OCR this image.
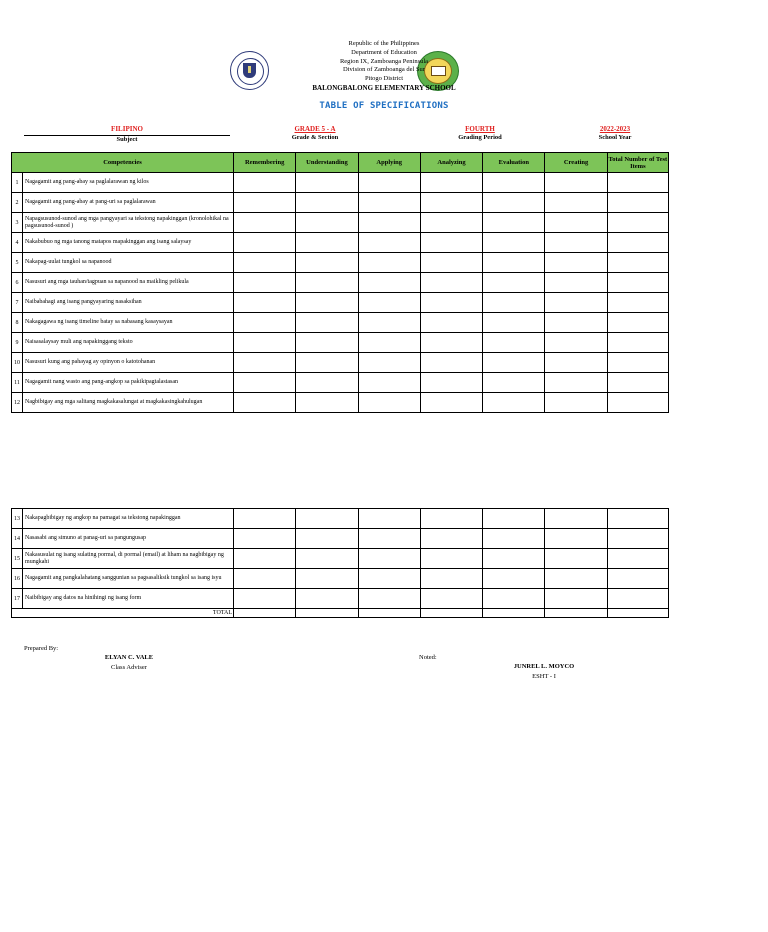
Republic of the Philippines
Department of Education
Region IX, Zamboanga Peninsula
Division of Zamboanga del Sur
Pitogo District
BALONGBALONG ELEMENTARY SCHOOL
TABLE OF SPECIFICATIONS
FILIPINO
Subject
GRADE 5 - A
Grade & Section
FOURTH
Grading Period
2022-2023
School Year
Competencies		Remembering	Understanding	Applying	Analyzing	Evaluation	Creating	Total Number of Test Items
1	Nagagamit ang pang-abay sa paglalarawan ng kilos							
2	Nagagamit ang pang-abay at pang-uri sa paglalarawan							
3	Napagsusunod-sunod ang mga pangyayari sa tekstong napakinggan (kronolohikal na pagsusunod-sunod )							
4	Nakabubuo ng mga tanong matapos mapakinggan ang isang salaysay							
5	Nakapag-uulat tungkol sa napanood							
6	Nasusuri ang mga tauhan/tagpuan sa napanood na maikling pelikula							
7	Naibabahagi ang isang pangyayaring nasaksihan							
8	Nakagagawa ng isang timeline batay sa nabasang kasaysayan							
9	Naisasalaysay muli ang napakinggang teksto							
10	Nasusuri kung ang pahayag ay opinyon o katotohanan							
11	Nagagamit nang wasto ang pang-angkop sa pakikipagtalastasan							
12	Nagbibigay ang mga salitang magkakasalungat at magkakasingkahulugan							
13	Nakapagbibigay ng angkop na pamagat sa tekstong napakinggan							
14	Nasasabi ang simuno at panag-uri sa pangungusap							
15	Nakasusulat ng isang sulating pormal, di pormal (email) at liham na nagbibigay ng mungkahi							
16	Nagagamit ang pangkalahatang sanggunian sa pagsasaliksik tungkol sa isang isyu							
17	Naibibigay ang datos na hinihingi ng isang form							
TOTAL								
Prepared By:
ELYAN C. VALE
Class Adviser
Noted:
JUNREL L. MOYCO
ESHT - I
